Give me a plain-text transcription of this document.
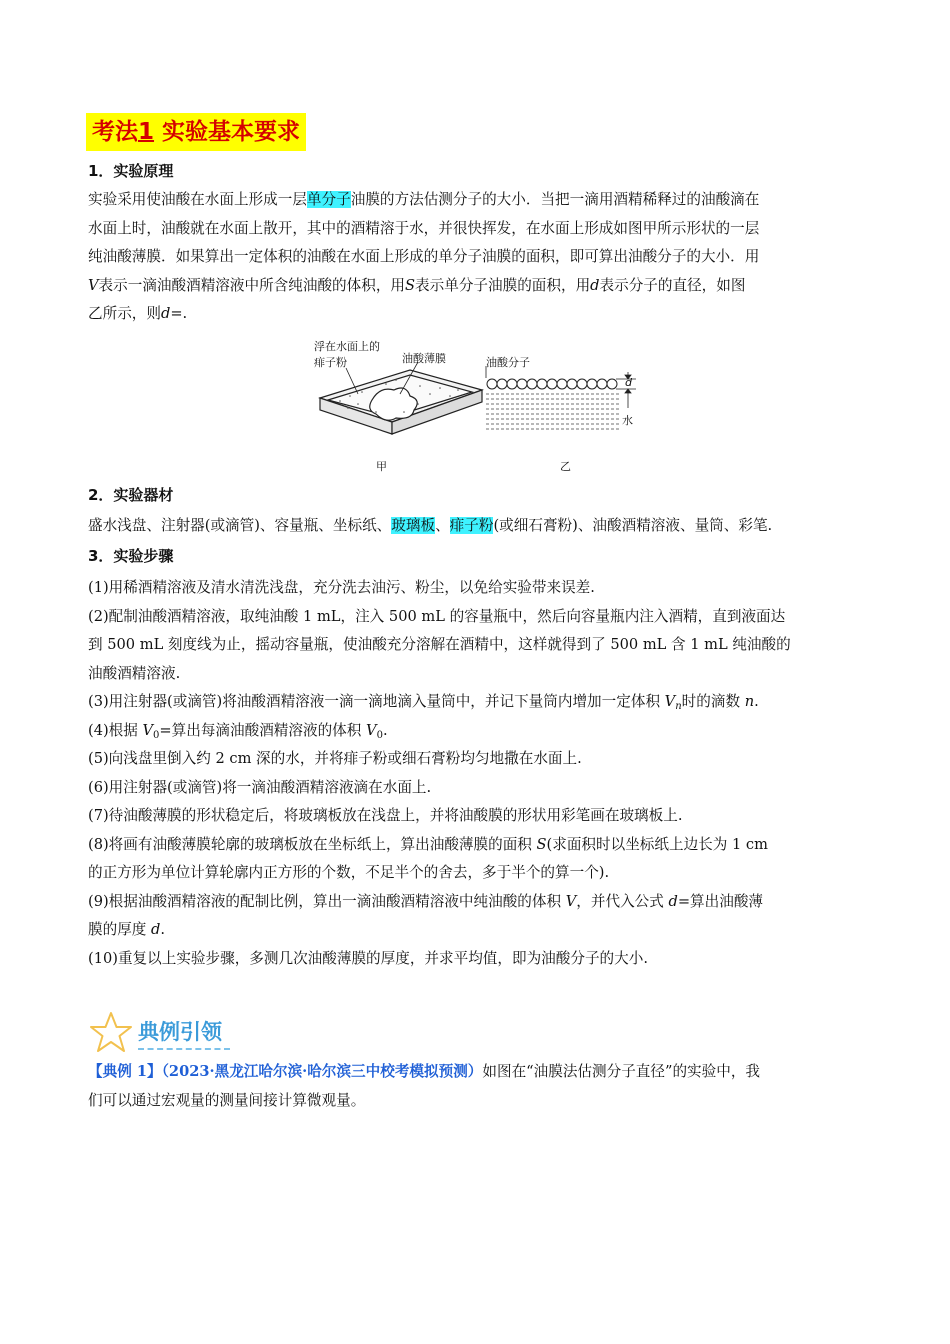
考法1 实验基本要求
1．实验原理
实验采用使油酸在水面上形成一层单分子油膜的方法估测分子的大小．当把一滴用酒精稀释过的油酸滴在
水面上时，油酸就在水面上散开，其中的酒精溶于水，并很快挥发，在水面上形成如图甲所示形状的一层
纯油酸薄膜．如果算出一定体积的油酸在水面上形成的单分子油膜的面积，即可算出油酸分子的大小．用
V表示一滴油酸酒精溶液中所含纯油酸的体积，用S表示单分子油膜的面积，用d表示分子的直径，如图
乙所示，则d=.
浮在水面上的
痱子粉	油酸薄膜	油酸分子
d
水
甲	乙
2．实验器材
盛水浅盘、注射器(或滴管)、容量瓶、坐标纸、玻璃板、痱子粉(或细石膏粉)、油酸酒精溶液、量筒、彩笔.
3．实验步骤
(1)用稀酒精溶液及清水清洗浅盘，充分洗去油污、粉尘，以免给实验带来误差.
(2)配制油酸酒精溶液，取纯油酸 1 mL，注入 500 mL 的容量瓶中，然后向容量瓶内注入酒精，直到液面达
到 500 mL 刻度线为止，摇动容量瓶，使油酸充分溶解在酒精中，这样就得到了 500 mL 含 1 mL 纯油酸的
油酸酒精溶液.
(3)用注射器(或滴管)将油酸酒精溶液一滴一滴地滴入量筒中，并记下量筒内增加一定体积 $V_n$时的滴数 n.
(4)根据 $V_0=$算出每滴油酸酒精溶液的体积 $V_0$.
(5)向浅盘里倒入约 2 cm 深的水，并将痱子粉或细石膏粉均匀地撒在水面上.
(6)用注射器(或滴管)将一滴油酸酒精溶液滴在水面上.
(7)待油酸薄膜的形状稳定后，将玻璃板放在浅盘上，并将油酸膜的形状用彩笔画在玻璃板上.
(8)将画有油酸薄膜轮廓的玻璃板放在坐标纸上，算出油酸薄膜的面积 S(求面积时以坐标纸上边长为 1 cm
的正方形为单位计算轮廓内正方形的个数，不足半个的舍去，多于半个的算一个).
(9)根据油酸酒精溶液的配制比例，算出一滴油酸酒精溶液中纯油酸的体积 V，并代入公式 d=算出油酸薄
膜的厚度 d.
(10)重复以上实验步骤，多测几次油酸薄膜的厚度，并求平均值，即为油酸分子的大小.
典例引领
【典例 1】（2023·黑龙江哈尔滨·哈尔滨三中校考模拟预测）如图在“油膜法估测分子直径”的实验中，我
们可以通过宏观量的测量间接计算微观量。
